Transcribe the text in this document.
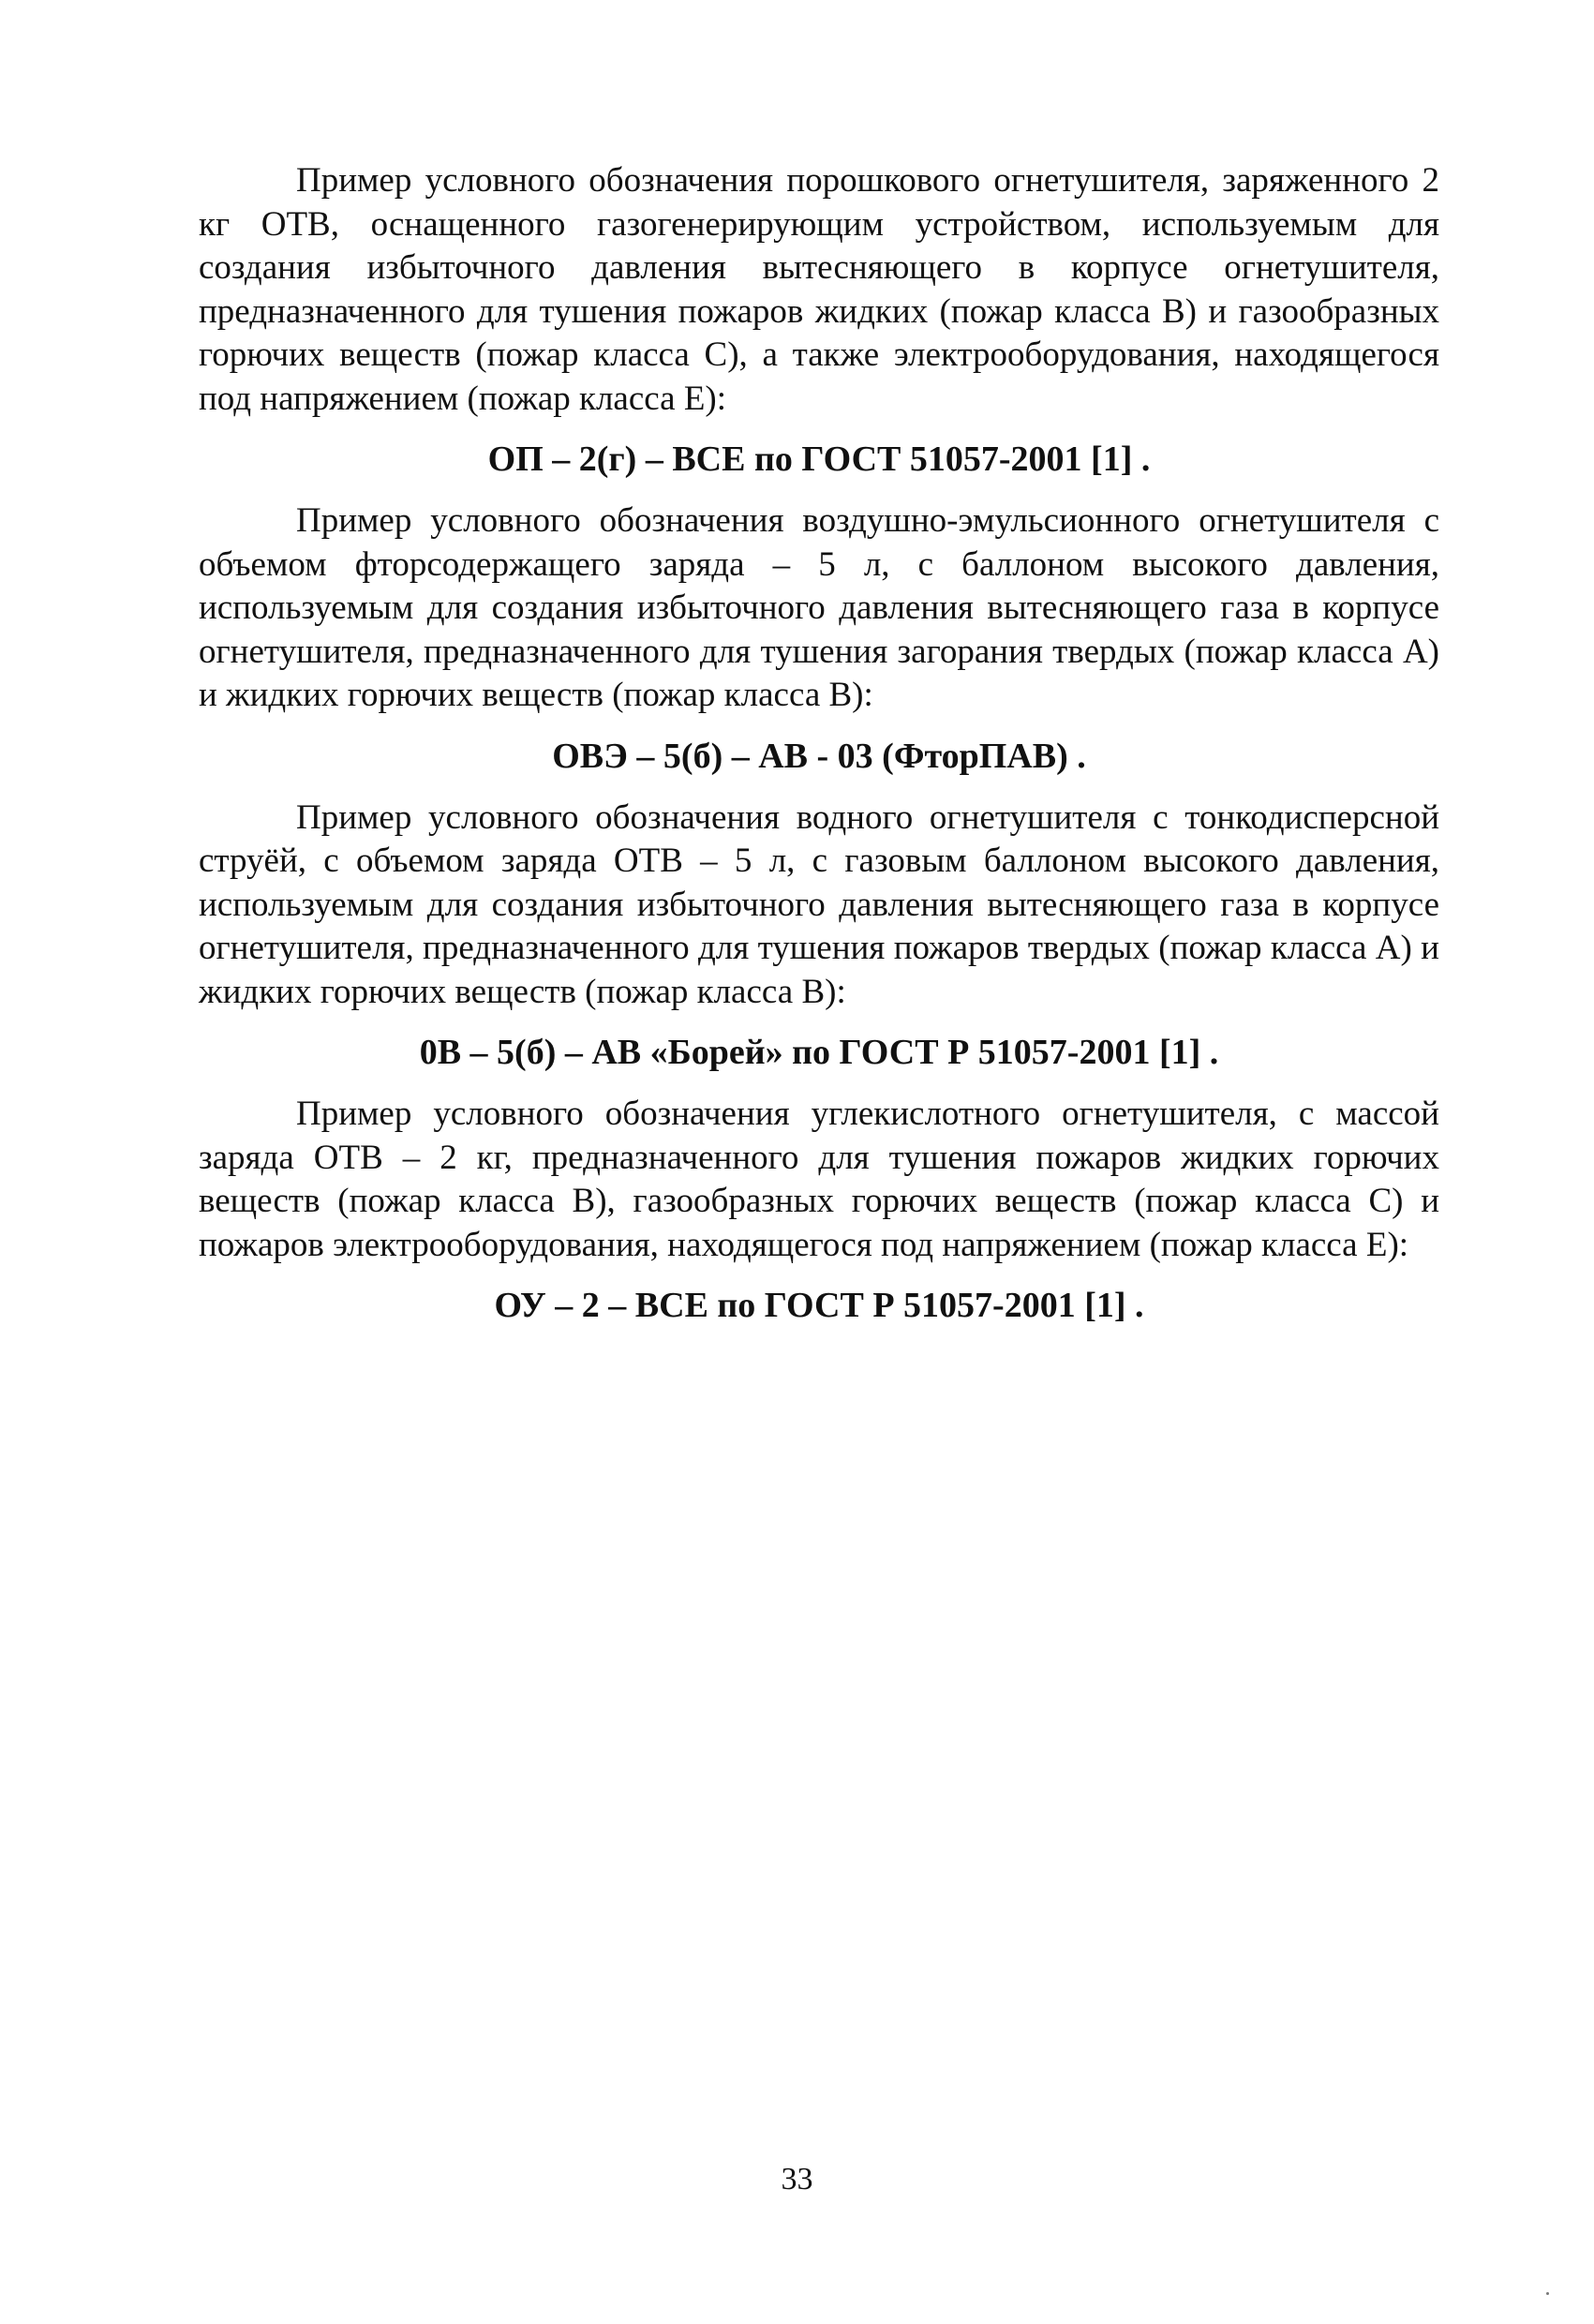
Пример условного обозначения порошкового огнетушителя, заряженного 2 кг ОТВ, оснащенного газогенерирующим устройством, используемым для создания избыточного давления вытесняющего в корпусе огнетушителя, предназначенного для тушения пожаров жидких (пожар класса В) и газообразных горючих веществ (пожар класса С), а также электрооборудования, находящегося под напряжением (пожар класса Е):

ОП – 2(г) – ВСЕ по ГОСТ 51057-2001 [1] .

Пример условного обозначения воздушно-эмульсионного огнетушителя с объемом фторсодержащего заряда – 5 л, с баллоном высокого давления, используемым для создания избыточного давления вытесняющего газа в корпусе огнетушителя, предназначенного для тушения загорания твердых (пожар класса А) и жидких горючих веществ (пожар класса В):

ОВЭ – 5(б) – АВ - 03 (ФторПАВ) .

Пример условного обозначения водного огнетушителя с тонкодисперсной струёй, с объемом заряда ОТВ – 5 л, с газовым баллоном высокого давления, используемым для создания избыточного давления вытесняющего газа в корпусе огнетушителя, предназначенного для тушения пожаров твердых (пожар класса А) и жидких горючих веществ (пожар класса В):

0В – 5(б) – АВ «Борей» по ГОСТ Р 51057-2001 [1] .

Пример условного обозначения углекислотного огнетушителя, с массой заряда ОТВ – 2 кг, предназначенного для тушения пожаров жидких горючих веществ (пожар класса В), газообразных горючих веществ (пожар класса С) и пожаров электрооборудования, находящегося под напряжением (пожар класса Е):

ОУ – 2 – ВСЕ по ГОСТ Р 51057-2001 [1] .
33
